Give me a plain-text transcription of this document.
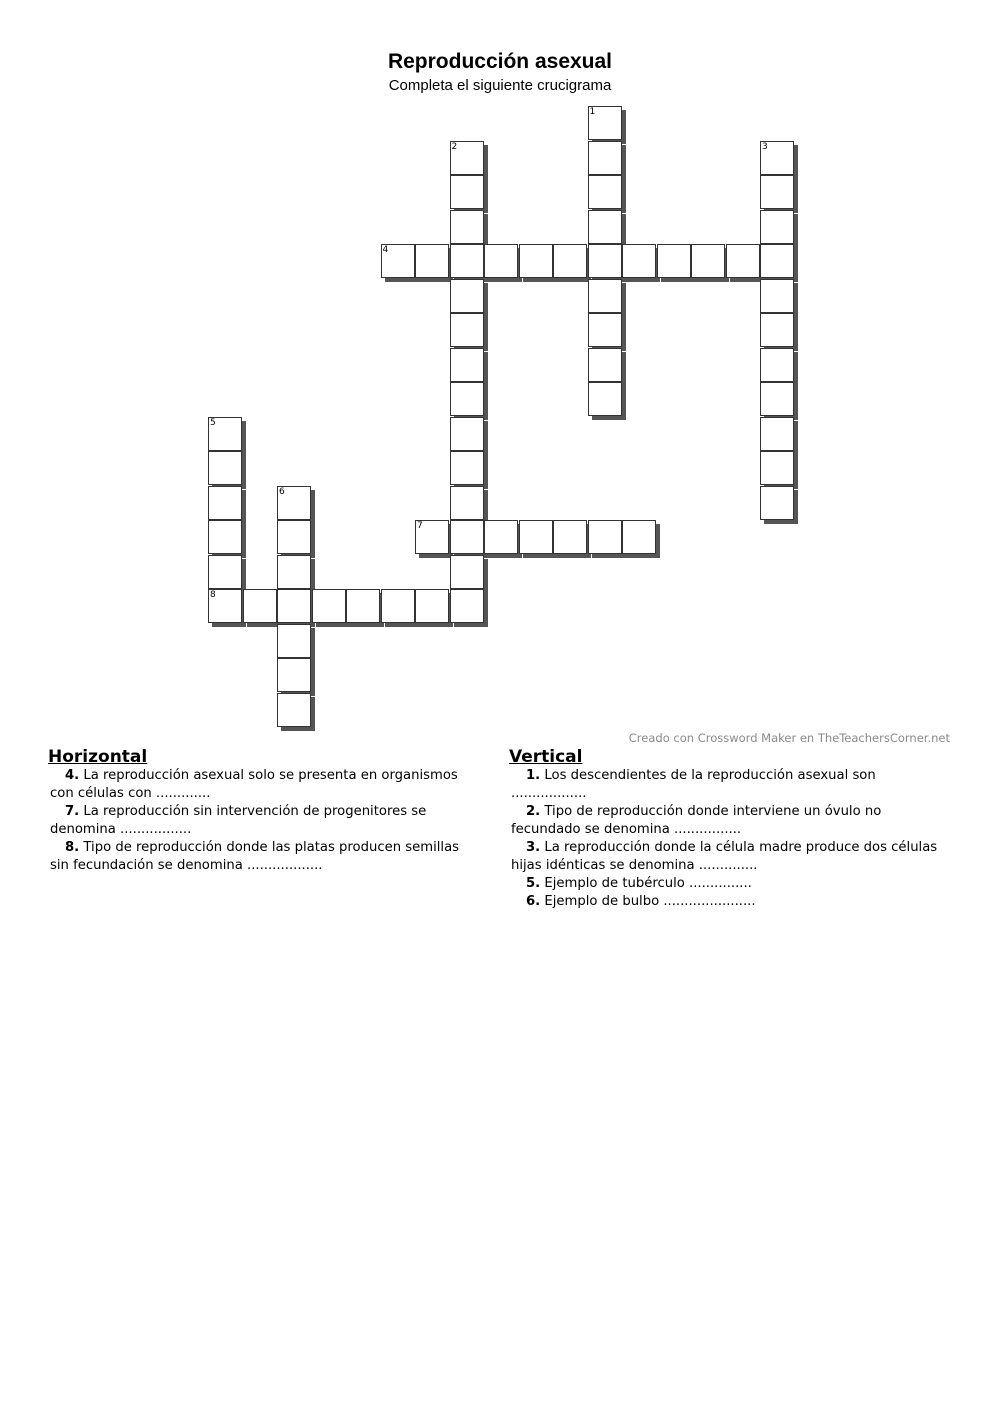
Reproducción asexual
Completa el siguiente crucigrama
1
2	3
4
5
8
6
7
Creado con Crossword Maker en TheTeachersCorner.net
Horizontal
4. La reproducción asexual solo se presenta en organismos con células con .............
7. La reproducción sin intervención de progenitores se denomina .................
8. Tipo de reproducción donde las platas producen semillas sin fecundación se denomina ..................
Vertical
1. Los descendientes de la reproducción asexual son ..................
2. Tipo de reproducción donde interviene un óvulo no fecundado se denomina ................
3. La reproducción donde la célula madre produce dos células hijas idénticas se denomina ..............
5. Ejemplo de tubérculo ...............
6. Ejemplo de bulbo ......................
